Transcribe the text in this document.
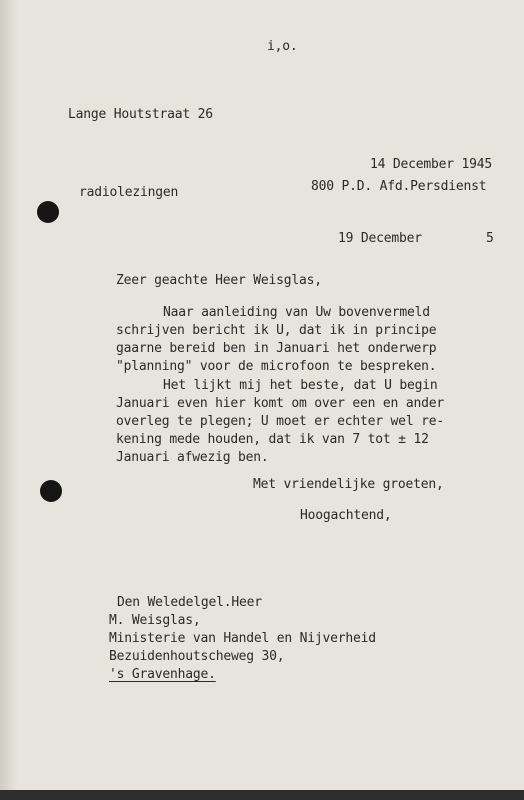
i,o.
Lange Houtstraat 26
14 December 1945
radiolezingen	800 P.D. Afd.Persdienst
19 December	5
Zeer geachte Heer Weisglas,
Naar aanleiding van Uw bovenvermeld
schrijven bericht ik U, dat ik in principe
gaarne bereid ben in Januari het onderwerp
"planning" voor de microfoon te bespreken.
Het lijkt mij het beste, dat U begin
Januari even hier komt om over een en ander
overleg te plegen; U moet er echter wel re-
kening mede houden, dat ik van 7 tot ± 12
Januari afwezig ben.
Met vriendelijke groeten,
Hoogachtend,
Den Weledelgel.Heer
M. Weisglas,
Ministerie van Handel en Nijverheid
Bezuidenhoutscheweg 30,
's Gravenhage.
